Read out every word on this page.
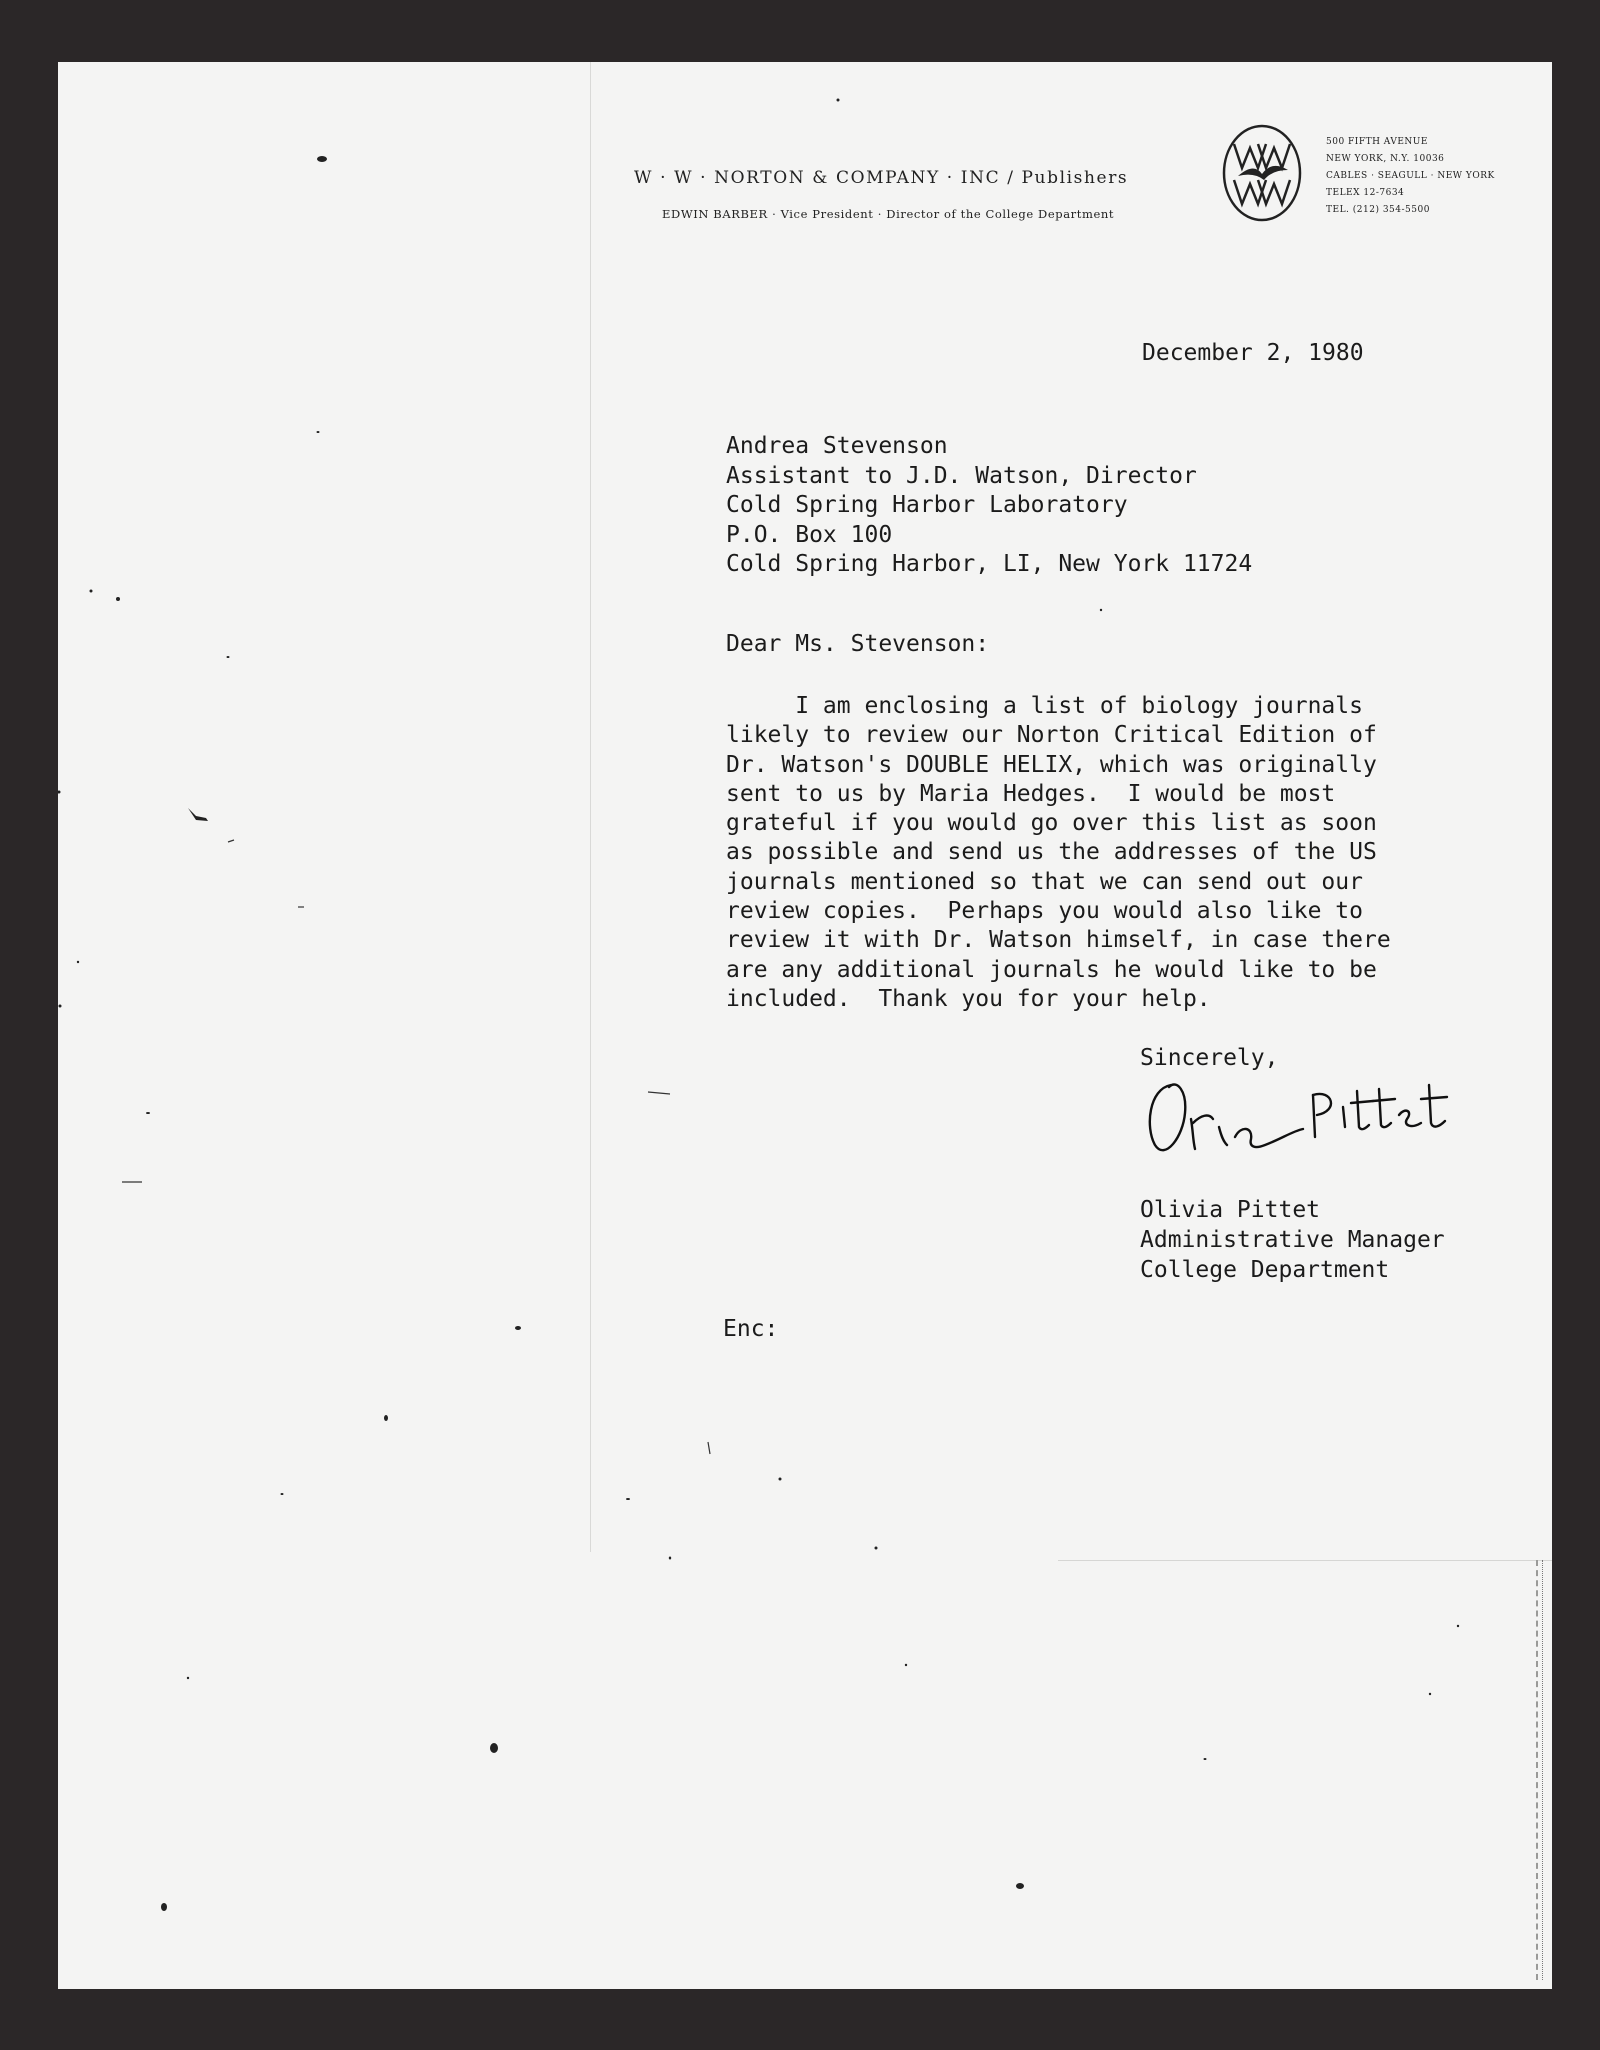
W · W · NORTON & COMPANY · INC / Publishers
EDWIN BARBER · Vice President · Director of the College Department
500 FIFTH AVENUE
NEW YORK, N.Y. 10036
CABLES · SEAGULL · NEW YORK
TELEX 12-7634
TEL. (212) 354-5500
December 2, 1980
Andrea Stevenson
Assistant to J.D. Watson, Director
Cold Spring Harbor Laboratory
P.O. Box 100
Cold Spring Harbor, LI, New York 11724
Dear Ms. Stevenson:
I am enclosing a list of biology journals
likely to review our Norton Critical Edition of
Dr. Watson's DOUBLE HELIX, which was originally
sent to us by Maria Hedges.  I would be most
grateful if you would go over this list as soon
as possible and send us the addresses of the US
journals mentioned so that we can send out our
review copies.  Perhaps you would also like to
review it with Dr. Watson himself, in case there
are any additional journals he would like to be
included.  Thank you for your help.
Sincerely,
Olivia Pittet
Administrative Manager
College Department
Enc:
